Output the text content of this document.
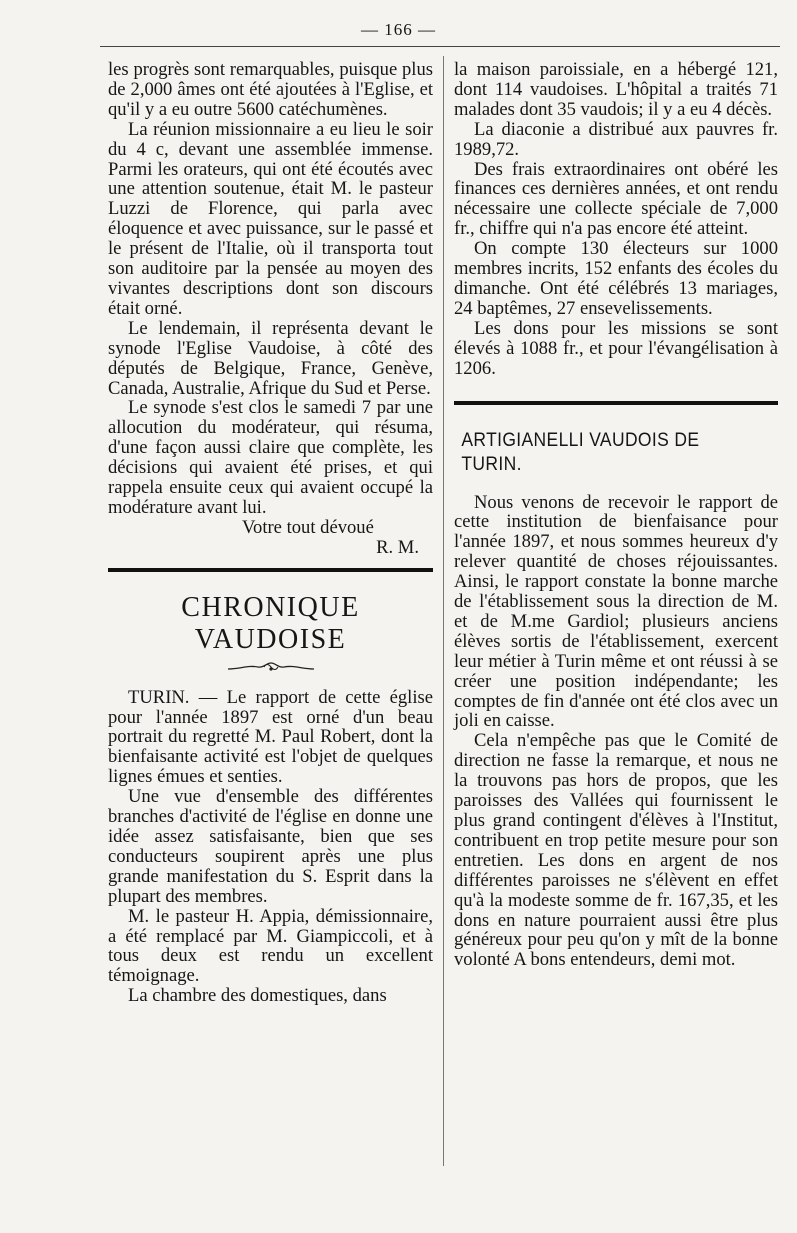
— 166 —

les progrès sont remarquables, puisque plus de 2,000 âmes ont été ajoutées à l'Eglise, et qu'il y a eu outre 5600 catéchumènes.

La réunion missionnaire a eu lieu le soir du 4 c, devant une assemblée immense. Parmi les orateurs, qui ont été écoutés avec une attention soutenue, était M. le pasteur Luzzi de Florence, qui parla avec éloquence et avec puissance, sur le passé et le présent de l'Italie, où il transporta tout son auditoire par la pensée au moyen des vivantes descriptions dont son discours était orné.

Le lendemain, il représenta devant le synode l'Eglise Vaudoise, à côté des députés de Belgique, France, Genève, Canada, Australie, Afrique du Sud et Perse.

Le synode s'est clos le samedi 7 par une allocution du modérateur, qui résuma, d'une façon aussi claire que complète, les décisions qui avaient été prises, et qui rappela ensuite ceux qui avaient occupé la modérature avant lui.

Votre tout dévoué

R. M.

CHRONIQUE VAUDOISE

TURIN. — Le rapport de cette église pour l'année 1897 est orné d'un beau portrait du regretté M. Paul Robert, dont la bienfaisante activité est l'objet de quelques lignes émues et senties.

Une vue d'ensemble des différentes branches d'activité de l'église en donne une idée assez satisfaisante, bien que ses conducteurs soupirent après une plus grande manifestation du S. Esprit dans la plupart des membres.

M. le pasteur H. Appia, démissionnaire, a été remplacé par M. Giampiccoli, et à tous deux est rendu un excellent témoignage.

La chambre des domestiques, dans

la maison paroissiale, en a hébergé 121, dont 114 vaudoises. L'hôpital a traités 71 malades dont 35 vaudois; il y a eu 4 décès.

La diaconie a distribué aux pauvres fr. 1989,72.

Des frais extraordinaires ont obéré les finances ces dernières années, et ont rendu nécessaire une collecte spéciale de 7,000 fr., chiffre qui n'a pas encore été atteint.

On compte 130 électeurs sur 1000 membres incrits, 152 enfants des écoles du dimanche. Ont été célébrés 13 mariages, 24 baptêmes, 27 ensevelissements.

Les dons pour les missions se sont élevés à 1088 fr., et pour l'évangélisation à 1206.

ARTIGIANELLI VAUDOIS DE TURIN.

Nous venons de recevoir le rapport de cette institution de bienfaisance pour l'année 1897, et nous sommes heureux d'y relever quantité de choses réjouissantes. Ainsi, le rapport constate la bonne marche de l'établissement sous la direction de M. et de M.me Gardiol; plusieurs anciens élèves sortis de l'établissement, exercent leur métier à Turin même et ont réussi à se créer une position indépendante; les comptes de fin d'année ont été clos avec un joli en caisse.

Cela n'empêche pas que le Comité de direction ne fasse la remarque, et nous ne la trouvons pas hors de propos, que les paroisses des Vallées qui fournissent le plus grand contingent d'élèves à l'Institut, contribuent en trop petite mesure pour son entretien. Les dons en argent de nos différentes paroisses ne s'élèvent en effet qu'à la modeste somme de fr. 167,35, et les dons en nature pourraient aussi être plus généreux pour peu qu'on y mît de la bonne volonté A bons entendeurs, demi mot.
